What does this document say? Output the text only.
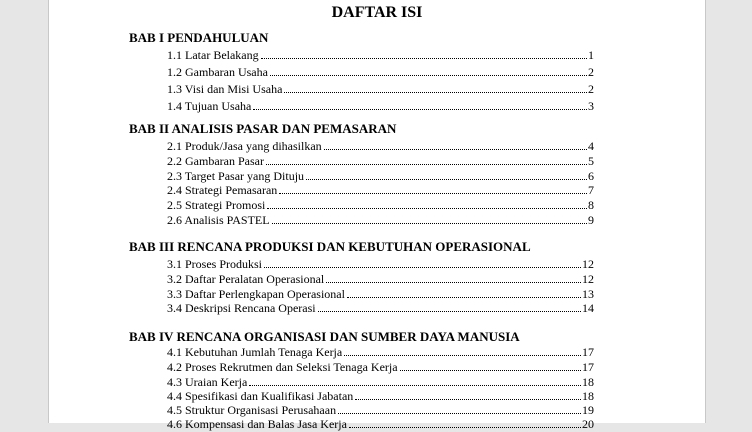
DAFTAR ISI
BAB I PENDAHULUAN
1.1 Latar Belakang	1
1.2 Gambaran Usaha	2
1.3 Visi dan Misi Usaha	2
1.4 Tujuan Usaha	3
BAB II ANALISIS PASAR DAN PEMASARAN
2.1 Produk/Jasa yang dihasilkan	4
2.2 Gambaran Pasar	5
2.3 Target Pasar yang Dituju	6
2.4 Strategi Pemasaran	7
2.5 Strategi Promosi	8
2.6 Analisis PASTEL	9
BAB III RENCANA PRODUKSI DAN KEBUTUHAN OPERASIONAL
3.1 Proses Produksi	12
3.2 Daftar Peralatan Operasional	12
3.3 Daftar Perlengkapan Operasional	13
3.4 Deskripsi Rencana Operasi	14
BAB IV RENCANA ORGANISASI DAN SUMBER DAYA MANUSIA
4.1 Kebutuhan Jumlah Tenaga Kerja	17
4.2 Proses Rekrutmen dan Seleksi Tenaga Kerja	17
4.3 Uraian Kerja	18
4.4 Spesifikasi dan Kualifikasi Jabatan	18
4.5 Struktur Organisasi Perusahaan	19
4.6 Kompensasi dan Balas Jasa Kerja	20
